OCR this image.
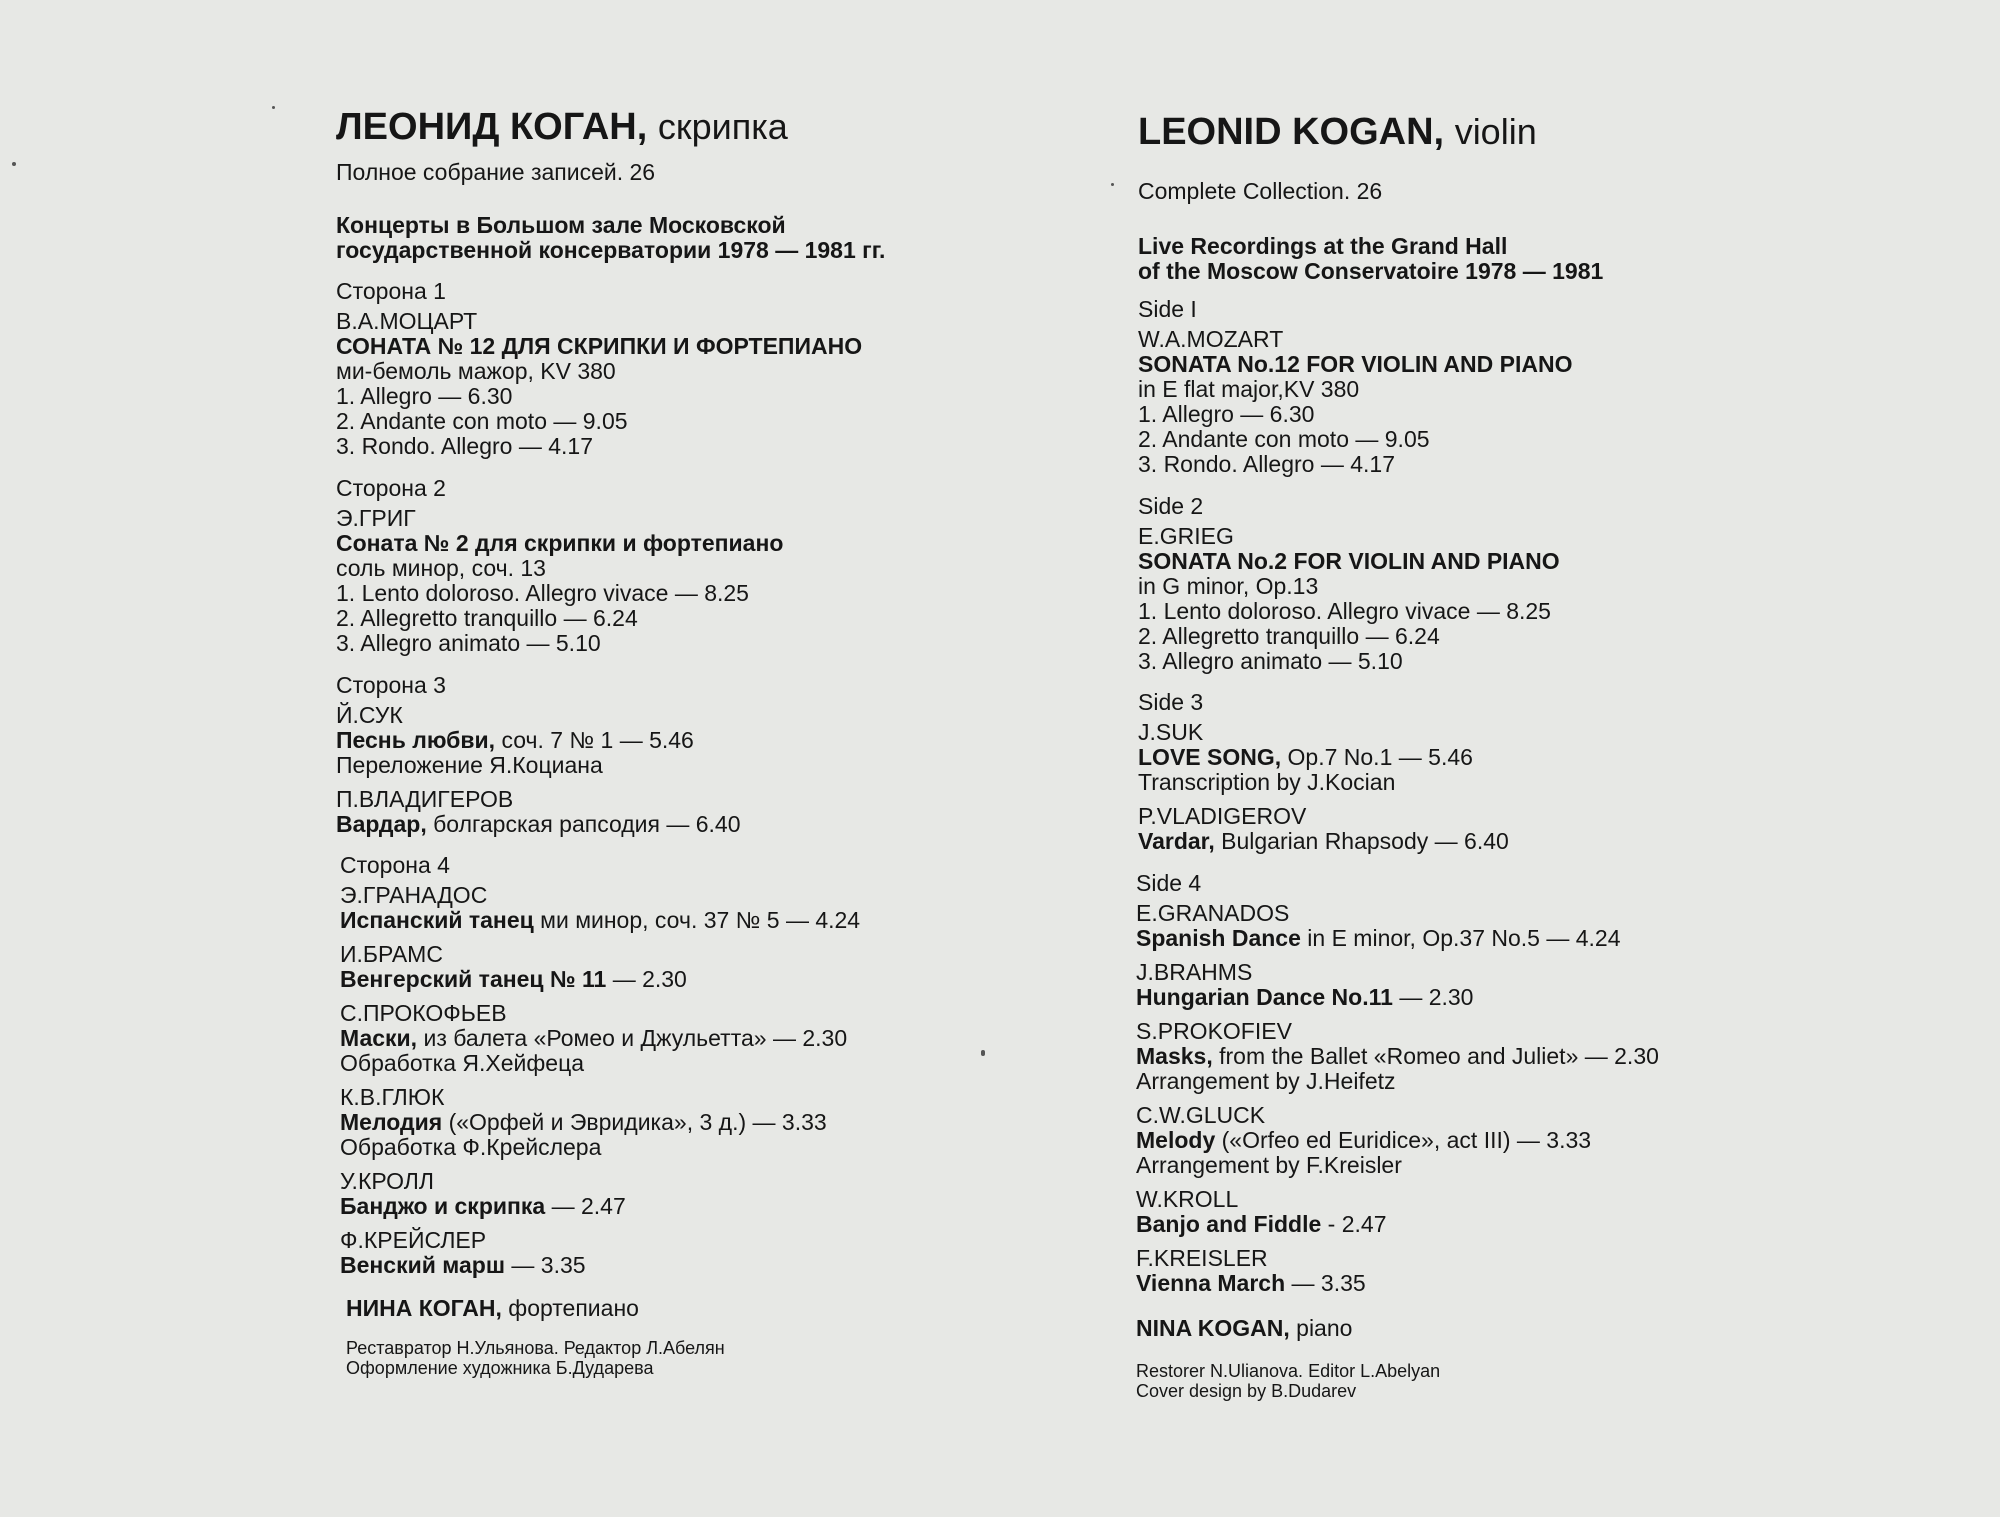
ЛЕОНИД КОГАН, скрипка
Полное собрание записей. 26
Концерты в Большом зале Московской
государственной консерватории 1978 — 1981 гг.
Сторона 1
В.А.МОЦАРТ
СОНАТА № 12 ДЛЯ СКРИПКИ И ФОРТЕПИАНО
ми-бемоль мажор, KV 380
1. Allegro — 6.30
2. Andante con moto — 9.05
3. Rondo. Allegro — 4.17
Сторона 2
Э.ГРИГ
Соната № 2 для скрипки и фортепиано
соль минор, соч. 13
1. Lento doloroso. Allegro vivace — 8.25
2. Allegretto tranquillo — 6.24
3. Allegro animato — 5.10
Сторона 3
Й.СУК
Песнь любви, соч. 7 № 1 — 5.46
Переложение Я.Коциана
П.ВЛАДИГЕРОВ
Вардар, болгарская рапсодия — 6.40
Сторона 4
Э.ГРАНАДОС
Испанский танец ми минор, соч. 37 № 5 — 4.24
И.БРАМС
Венгерский танец № 11 — 2.30
С.ПРОКОФЬЕВ
Маски, из балета «Ромео и Джульетта» — 2.30
Обработка Я.Хейфеца
К.В.ГЛЮК
Мелодия («Орфей и Эвридика», 3 д.) — 3.33
Обработка Ф.Крейслера
У.КРОЛЛ
Банджо и скрипка — 2.47
Ф.КРЕЙСЛЕР
Венский марш — 3.35
НИНА КОГАН, фортепиано
Реставратор Н.Ульянова. Редактор Л.Абелян
Оформление художника Б.Дударева
LEONID KOGAN, violin
Complete Collection. 26
Live Recordings at the Grand Hall
of the Moscow Conservatoire 1978 — 1981
Side I
W.A.MOZART
SONATA No.12 FOR VIOLIN AND PIANO
in E flat major,KV 380
1. Allegro — 6.30
2. Andante con moto — 9.05
3. Rondo. Allegro — 4.17
Side 2
E.GRIEG
SONATA No.2 FOR VIOLIN AND PIANO
in G minor, Op.13
1. Lento doloroso. Allegro vivace — 8.25
2. Allegretto tranquillo — 6.24
3. Allegro animato — 5.10
Side 3
J.SUK
LOVE SONG, Op.7 No.1 — 5.46
Transcription by J.Kocian
P.VLADIGEROV
Vardar, Bulgarian Rhapsody — 6.40
Side 4
E.GRANADOS
Spanish Dance in E minor, Op.37 No.5 — 4.24
J.BRAHMS
Hungarian Dance No.11 — 2.30
S.PROKOFIEV
Masks, from the Ballet «Romeo and Juliet» — 2.30
Arrangement by J.Heifetz
C.W.GLUCK
Melody («Orfeo ed Euridice», act III) — 3.33
Arrangement by F.Kreisler
W.KROLL
Banjo and Fiddle - 2.47
F.KREISLER
Vienna March — 3.35
NINA KOGAN, piano
Restorer N.Ulianova. Editor L.Abelyan
Cover design by B.Dudarev
